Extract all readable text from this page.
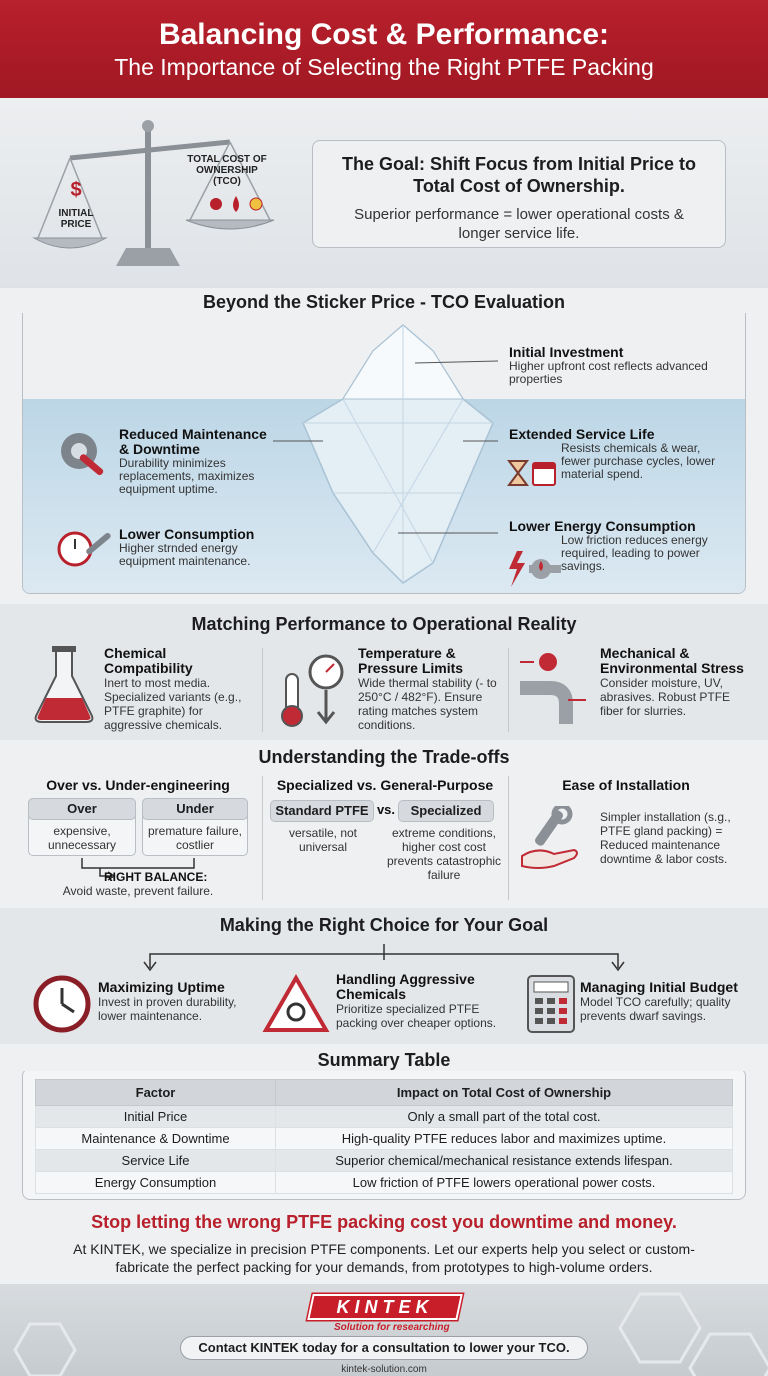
Balancing Cost & Performance:
The Importance of Selecting the Right PTFE Packing
$
INITIAL PRICE
TOTAL COST OF OWNERSHIP (TCO)
The Goal: Shift Focus from Initial Price to Total Cost of Ownership.
Superior performance = lower operational costs & longer service life.
Initial Investment
Higher upfront cost reflects advanced properties
Reduced Maintenance & Downtime
Durability minimizes replacements, maximizes equipment uptime.
Extended Service Life
Resists chemicals & wear, fewer purchase cycles, lower material spend.
Lower Consumption
Higher strnded energy equipment maintenance.
Lower Energy Consumption
Low friction reduces energy required, leading to power savings.
Beyond the Sticker Price - TCO Evaluation
Matching Performance to Operational Reality
Chemical Compatibility
Inert to most media. Specialized variants (e.g., PTFE graphite) for aggressive chemicals.
Temperature & Pressure Limits
Wide thermal stability (- to 250°C / 482°F). Ensure rating matches system conditions.
Mechanical & Environmental Stress
Consider moisture, UV, abrasives. Robust PTFE fiber for slurries.
Understanding the Trade-offs
Over vs. Under-engineering
Over
expensive, unnecessary
Under
premature failure, costlier
RIGHT BALANCE:
Avoid waste, prevent failure.
Specialized vs. General-Purpose
Standard PTFE vs.	Specialized
versatile, not universal
extreme conditions, higher cost cost prevents catastrophic failure
Ease of Installation
Simpler installation (s.g., PTFE gland packing) = Reduced maintenance downtime & labor costs.
Making the Right Choice for Your Goal
Maximizing Uptime
Invest in proven durability, lower maintenance.
Handling Aggressive Chemicals
Prioritize specialized PTFE packing over cheaper options.
Managing Initial Budget
Model TCO carefully; quality prevents dwarf savings.
Factor	Impact on Total Cost of Ownership
Initial Price	Only a small part of the total cost.
Maintenance & Downtime	High-quality PTFE reduces labor and maximizes uptime.
Service Life	Superior chemical/mechanical resistance extends lifespan.
Energy Consumption	Low friction of PTFE lowers operational power costs.
Summary Table
Stop letting the wrong PTFE packing cost you downtime and money.
At KINTEK, we specialize in precision PTFE components. Let our experts help you select or custom-fabricate the perfect packing for your demands, from prototypes to high-volume orders.
KINTEK
Solution for researching
Contact KINTEK today for a consultation to lower your TCO.
kintek-solution.com
